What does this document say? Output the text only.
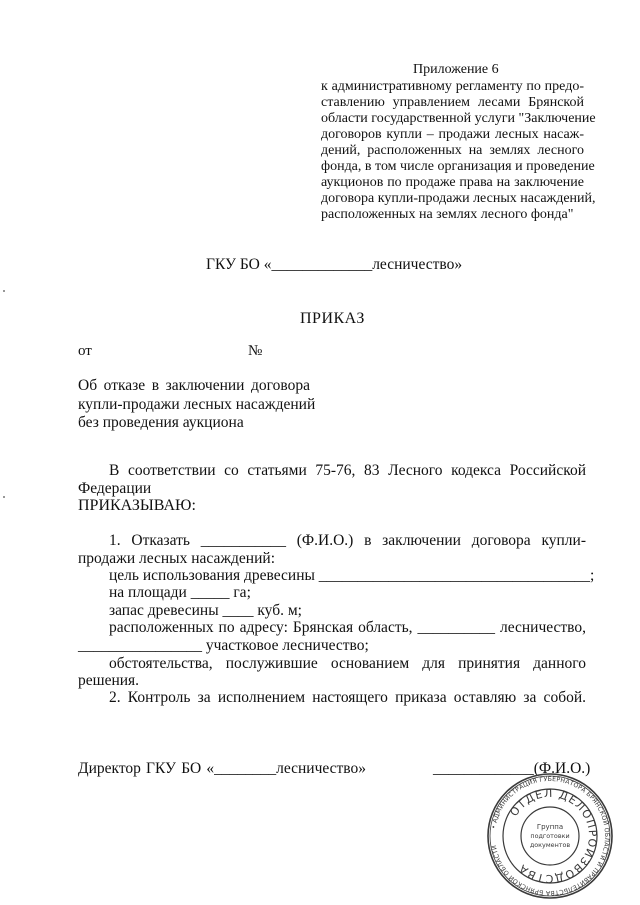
Приложение 6
к административному регламенту по предо-
ставлению управлением лесами Брянской
области государственной услуги "Заключение
договоров купли – продажи лесных насаж-
дений, расположенных на землях лесного
фонда, в том числе организация и проведение
аукционов по продаже права на заключение
договора купли-продажи лесных насаждений,
расположенных на землях лесного фонда"
ГКУ БО «_____________лесничество»
ПРИКАЗ
от	№
Об отказе в заключении договора
купли-продажи лесных насаждений
без проведения аукциона
В соответствии со статьями 75-76, 83 Лесного кодекса Российской
Федерации
ПРИКАЗЫВАЮ:
1. Отказать ___________ (Ф.И.О.) в заключении договора купли-
продажи лесных насаждений:
цель использования древесины ___________________________________;
на площади _____ га;
запас древесины ____ куб. м;
расположенных по адресу: Брянская область, __________ лесничество,
________________ участковое лесничество;
обстоятельства, послужившие основанием для принятия данного
решения.
2. Контроль за исполнением настоящего приказа оставляю за собой.
Директор ГКУ БО «________лесничество»	_____________(Ф.И.О.)
• АДМИНИСТРАЦИЯ ГУБЕРНАТОРА БРЯНСКОЙ ОБЛАСТИ И ПРАВИТЕЛЬСТВА БРЯНСКОЙ ОБЛАСТИ
ОТДЕЛ ДЕЛОПРОИЗВОДСТВА
Группа
подготовки
документов
